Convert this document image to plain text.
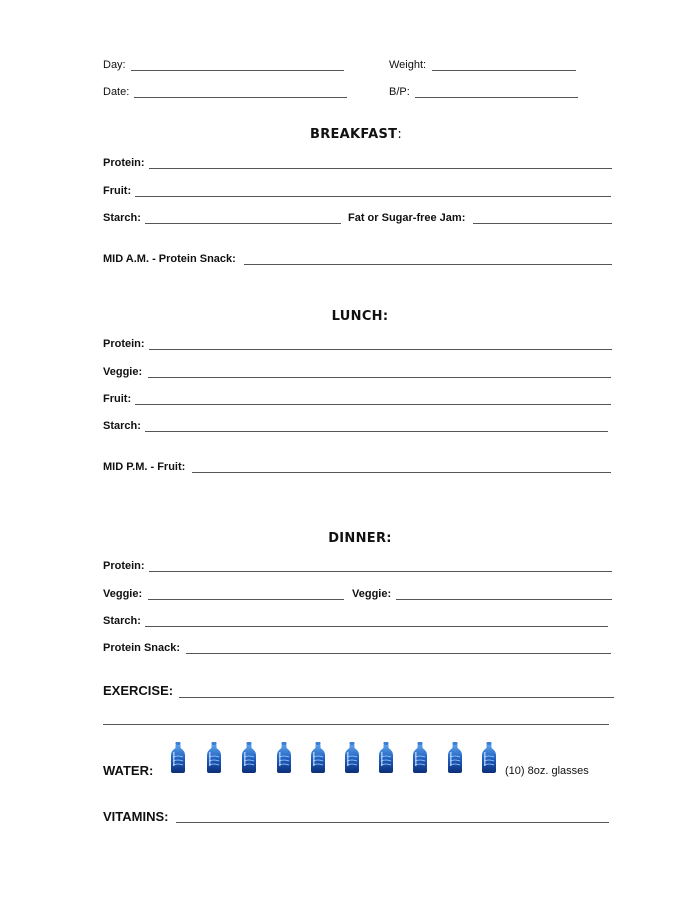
Day:	Weight:
Date:	B/P:
BREAKFAST:
Protein:
Fruit:
Starch:	Fat or Sugar-free Jam:
MID A.M. - Protein Snack:
LUNCH:
Protein:
Veggie:
Fruit:
Starch:
MID P.M. - Fruit:
DINNER:
Protein:
Veggie:	Veggie:
Starch:
Protein Snack:
EXERCISE:
WATER:	(10) 8oz. glasses
VITAMINS:
